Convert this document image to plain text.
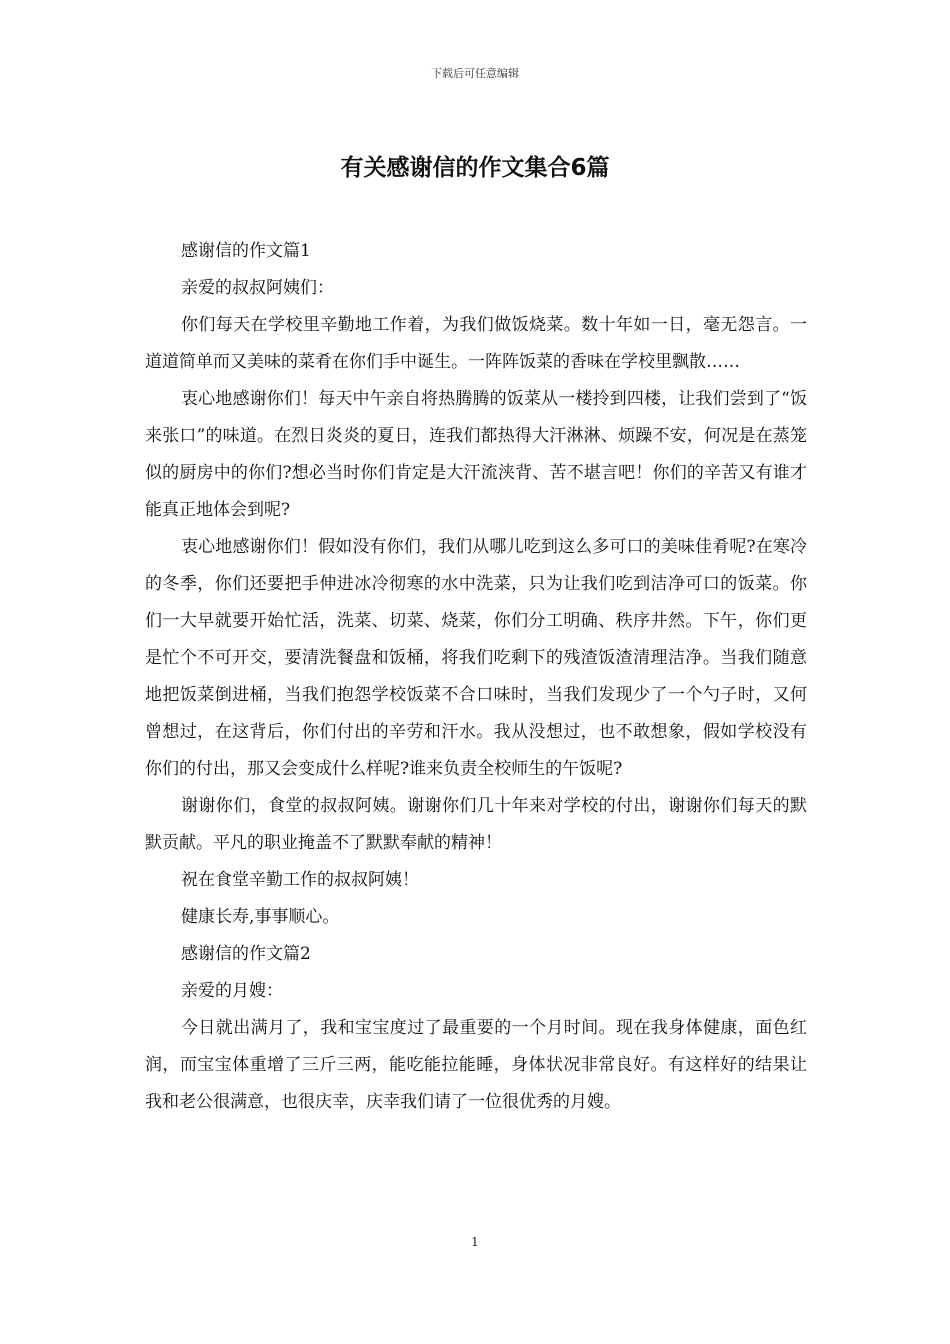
下载后可任意编辑
有关感谢信的作文集合6篇

感谢信的作文篇1

亲爱的叔叔阿姨们：

你们每天在学校里辛勤地工作着，为我们做饭烧菜。数十年如一日，毫无怨言。一道道简单而又美味的菜肴在你们手中诞生。一阵阵饭菜的香味在学校里飘散……

衷心地感谢你们！每天中午亲自将热腾腾的饭菜从一楼拎到四楼，让我们尝到了“饭来张口”的味道。在烈日炎炎的夏日，连我们都热得大汗淋淋、烦躁不安，何况是在蒸笼似的厨房中的你们?想必当时你们肯定是大汗流浃背、苦不堪言吧！你们的辛苦又有谁才能真正地体会到呢?

衷心地感谢你们！假如没有你们，我们从哪儿吃到这么多可口的美味佳肴呢?在寒冷的冬季，你们还要把手伸进冰冷彻寒的水中洗菜，只为让我们吃到洁净可口的饭菜。你们一大早就要开始忙活，洗菜、切菜、烧菜，你们分工明确、秩序井然。下午，你们更是忙个不可开交，要清洗餐盘和饭桶，将我们吃剩下的残渣饭渣清理洁净。当我们随意地把饭菜倒进桶，当我们抱怨学校饭菜不合口味时，当我们发现少了一个勺子时，又何曾想过，在这背后，你们付出的辛劳和汗水。我从没想过，也不敢想象，假如学校没有你们的付出，那又会变成什么样呢?谁来负责全校师生的午饭呢?

谢谢你们，食堂的叔叔阿姨。谢谢你们几十年来对学校的付出，谢谢你们每天的默默贡献。平凡的职业掩盖不了默默奉献的精神！

祝在食堂辛勤工作的叔叔阿姨！

健康长寿,事事顺心。

感谢信的作文篇2

亲爱的月嫂：

今日就出满月了，我和宝宝度过了最重要的一个月时间。现在我身体健康，面色红润，而宝宝体重增了三斤三两，能吃能拉能睡，身体状况非常良好。有这样好的结果让我和老公很满意，也很庆幸，庆幸我们请了一位很优秀的月嫂。

1
